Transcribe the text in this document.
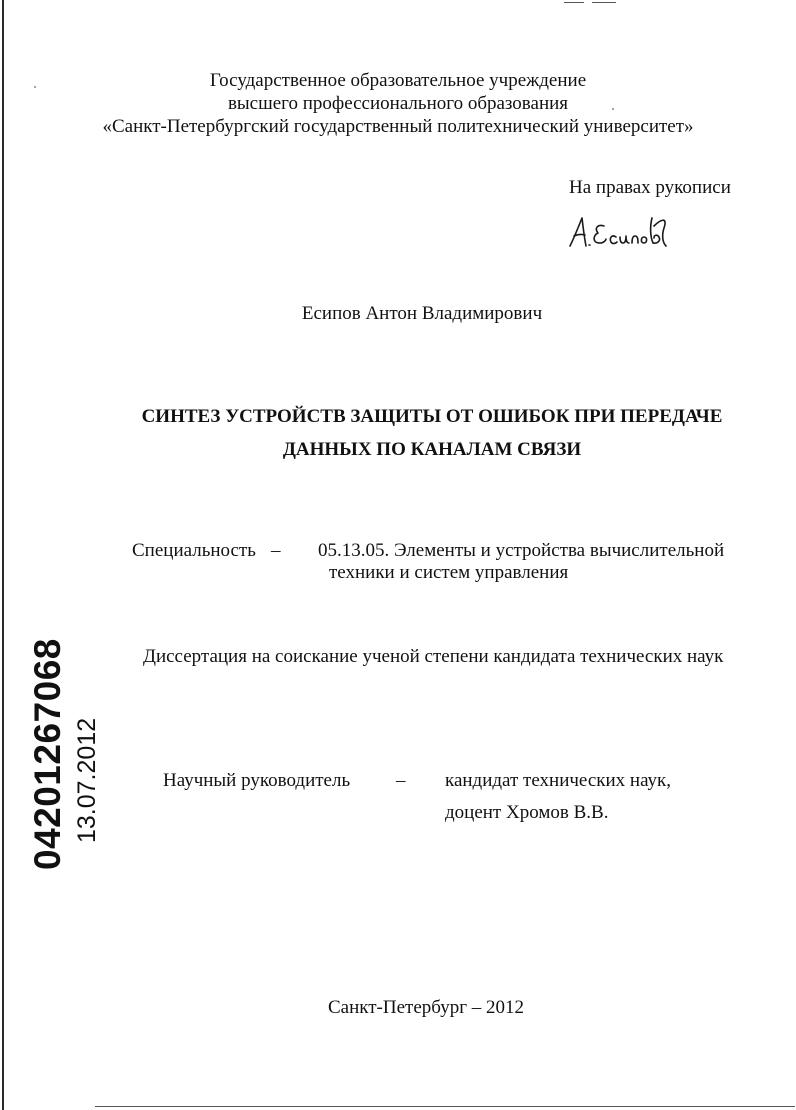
Государственное образовательное учреждение
высшего профессионального образования
«Санкт-Петербургский государственный политехнический университет»
На правах рукописи
Есипов Антон Владимирович
СИНТЕЗ УСТРОЙСТВ ЗАЩИТЫ ОТ ОШИБОК ПРИ ПЕРЕДАЧЕ
ДАННЫХ ПО КАНАЛАМ СВЯЗИ
Специальность – 05.13.05. Элементы и устройства вычислительной
техники и систем управления
Диссертация на соискание ученой степени кандидата технических наук
Научный руководитель – кандидат технических наук,
доцент Хромов В.В.
Санкт-Петербург – 2012
04201267068 13.07.2012
